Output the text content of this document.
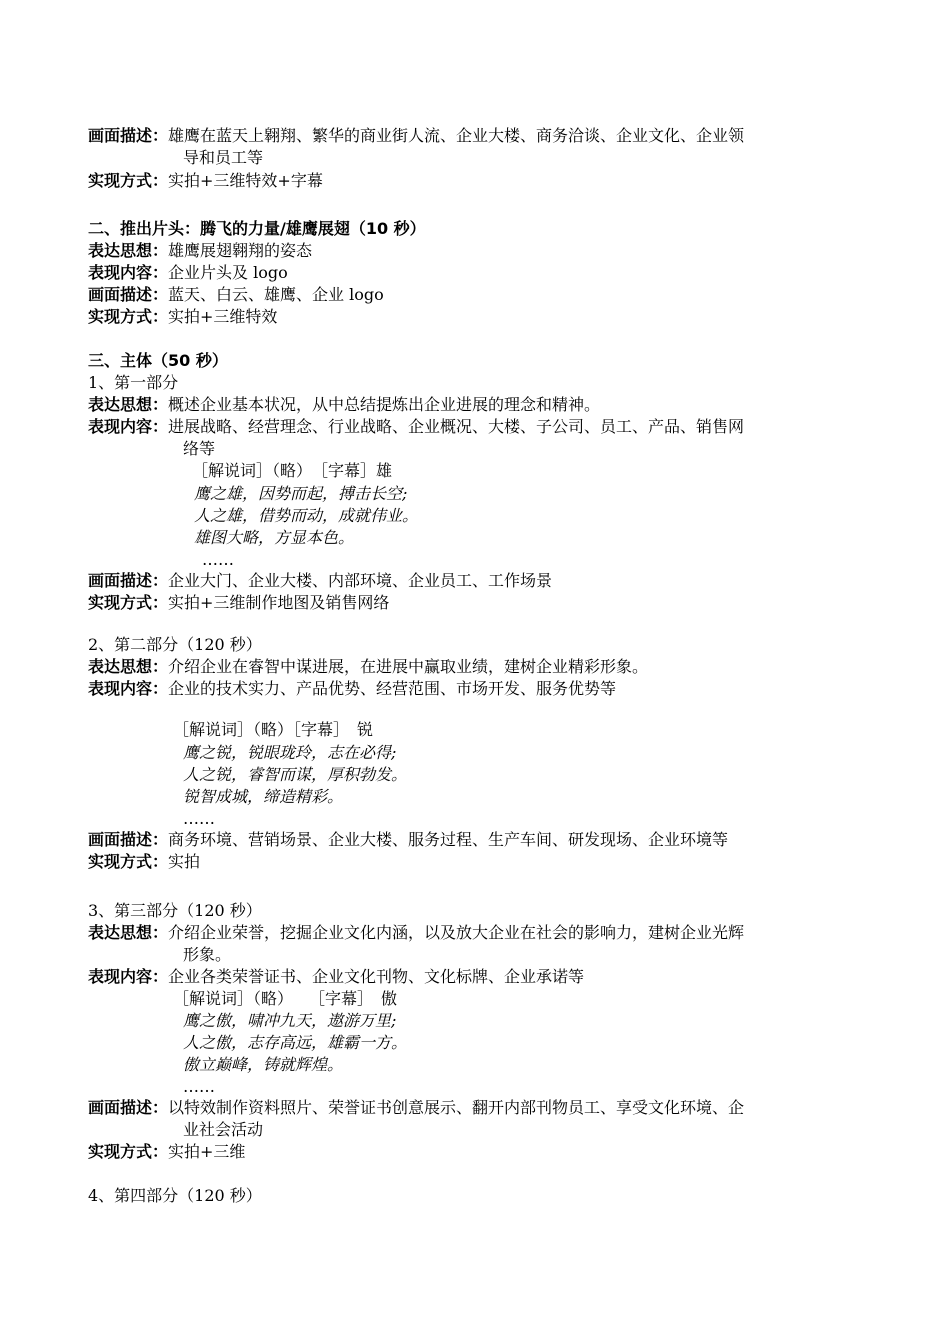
画面描述：雄鹰在蓝天上翱翔、繁华的商业街人流、企业大楼、商务洽谈、企业文化、企业领
导和员工等
实现方式：实拍+三维特效+字幕
二、推出片头：腾飞的力量/雄鹰展翅（10 秒）
表达思想：雄鹰展翅翱翔的姿态
表现内容：企业片头及 logo
画面描述：蓝天、白云、雄鹰、企业 logo
实现方式：实拍+三维特效
三、主体（50 秒）
1、第一部分
表达思想：概述企业基本状况，从中总结提炼出企业进展的理念和精神。
表现内容：进展战略、经营理念、行业战略、企业概况、大楼、子公司、员工、产品、销售网
络等
［解说词］（略）　［字幕］雄
鹰之雄，因势而起，搏击长空;
人之雄，借势而动，成就伟业。
雄图大略，方显本色。
……
画面描述：企业大门、企业大楼、内部环境、企业员工、工作场景
实现方式：实拍+三维制作地图及销售网络
2、第二部分（120 秒）
表达思想：介绍企业在睿智中谋进展，在进展中赢取业绩，建树企业精彩形象。
表现内容：企业的技术实力、产品优势、经营范围、市场开发、服务优势等
［解说词］（略）［字幕］　锐
鹰之锐，锐眼珑玲，志在必得;
人之锐，睿智而谋，厚积勃发。
锐智成城，缔造精彩。
……
画面描述：商务环境、营销场景、企业大楼、服务过程、生产车间、研发现场、企业环境等
实现方式：实拍
3、第三部分（120 秒）
表达思想：介绍企业荣誉，挖掘企业文化内涵，以及放大企业在社会的影响力，建树企业光辉
形象。
表现内容：企业各类荣誉证书、企业文化刊物、文化标牌、企业承诺等
［解说词］（略）　　［字幕］　傲
鹰之傲，啸冲九天，遨游万里;
人之傲，志存高远，雄霸一方。
傲立巅峰，铸就辉煌。
……
画面描述：以特效制作资料照片、荣誉证书创意展示、翻开内部刊物员工、享受文化环境、企
业社会活动
实现方式：实拍+三维
4、第四部分（120 秒）
